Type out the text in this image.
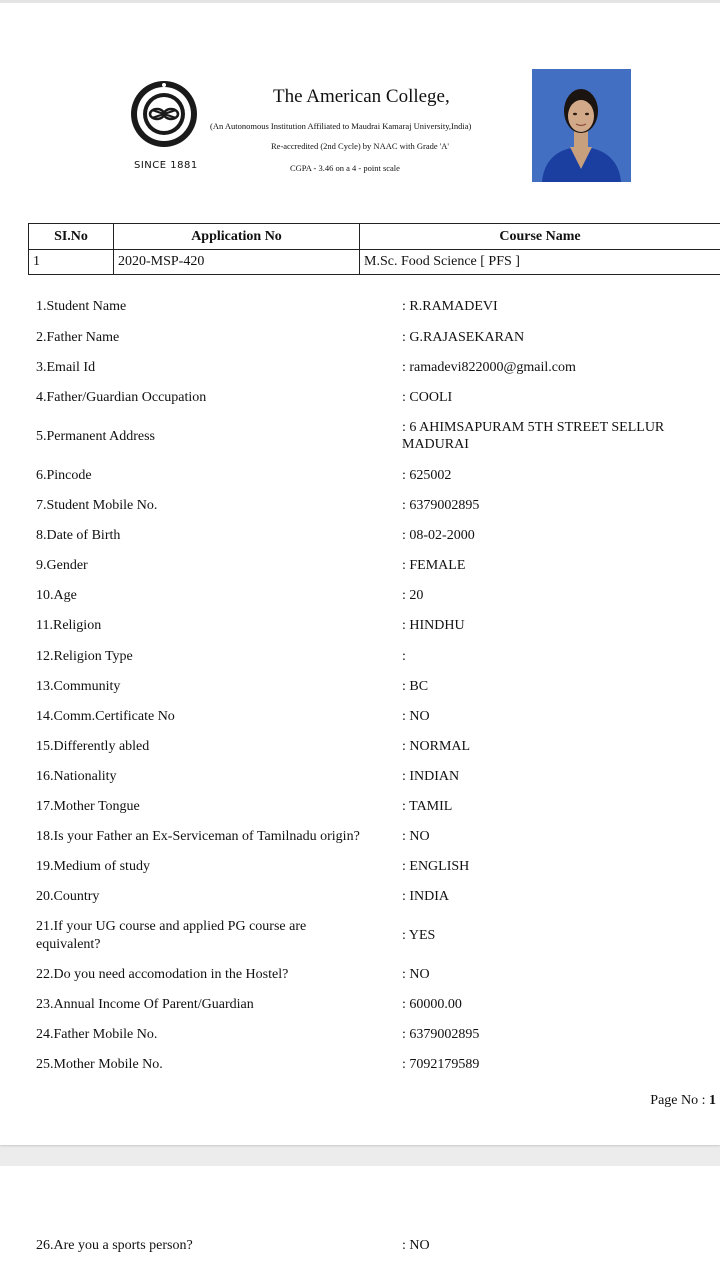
SINCE 1881
The American College,
(An Autonomous Institution Affiliated to Maudrai Kamaraj University,India)
Re-accredited (2nd Cycle) by NAAC with Grade 'A'
CGPA - 3.46 on a 4 - point scale
SI.No	Application No	Course Name
1	2020-MSP-420	M.Sc. Food Science [ PFS ]
1.Student Name	: R.RAMADEVI
2.Father Name	: G.RAJASEKARAN
3.Email Id	: ramadevi822000@gmail.com
4.Father/Guardian Occupation	: COOLI
5.Permanent Address
: 6 AHIMSAPURAM 5TH STREET SELLUR
MADURAI
6.Pincode	: 625002
7.Student Mobile No.	: 6379002895
8.Date of Birth	: 08-02-2000
9.Gender	: FEMALE
10.Age	: 20
11.Religion	: HINDHU
12.Religion Type	:
13.Community	: BC
14.Comm.Certificate No	: NO
15.Differently abled	: NORMAL
16.Nationality	: INDIAN
17.Mother Tongue	: TAMIL
18.Is your Father an Ex-Serviceman of Tamilnadu origin?	: NO
19.Medium of study	: ENGLISH
20.Country	: INDIA
21.If your UG course and applied PG course are
equivalent?
: YES
22.Do you need accomodation in the Hostel?	: NO
23.Annual Income Of Parent/Guardian	: 60000.00
24.Father Mobile No.	: 6379002895
25.Mother Mobile No.	: 7092179589
Page No : 1
26.Are you a sports person?	: NO
